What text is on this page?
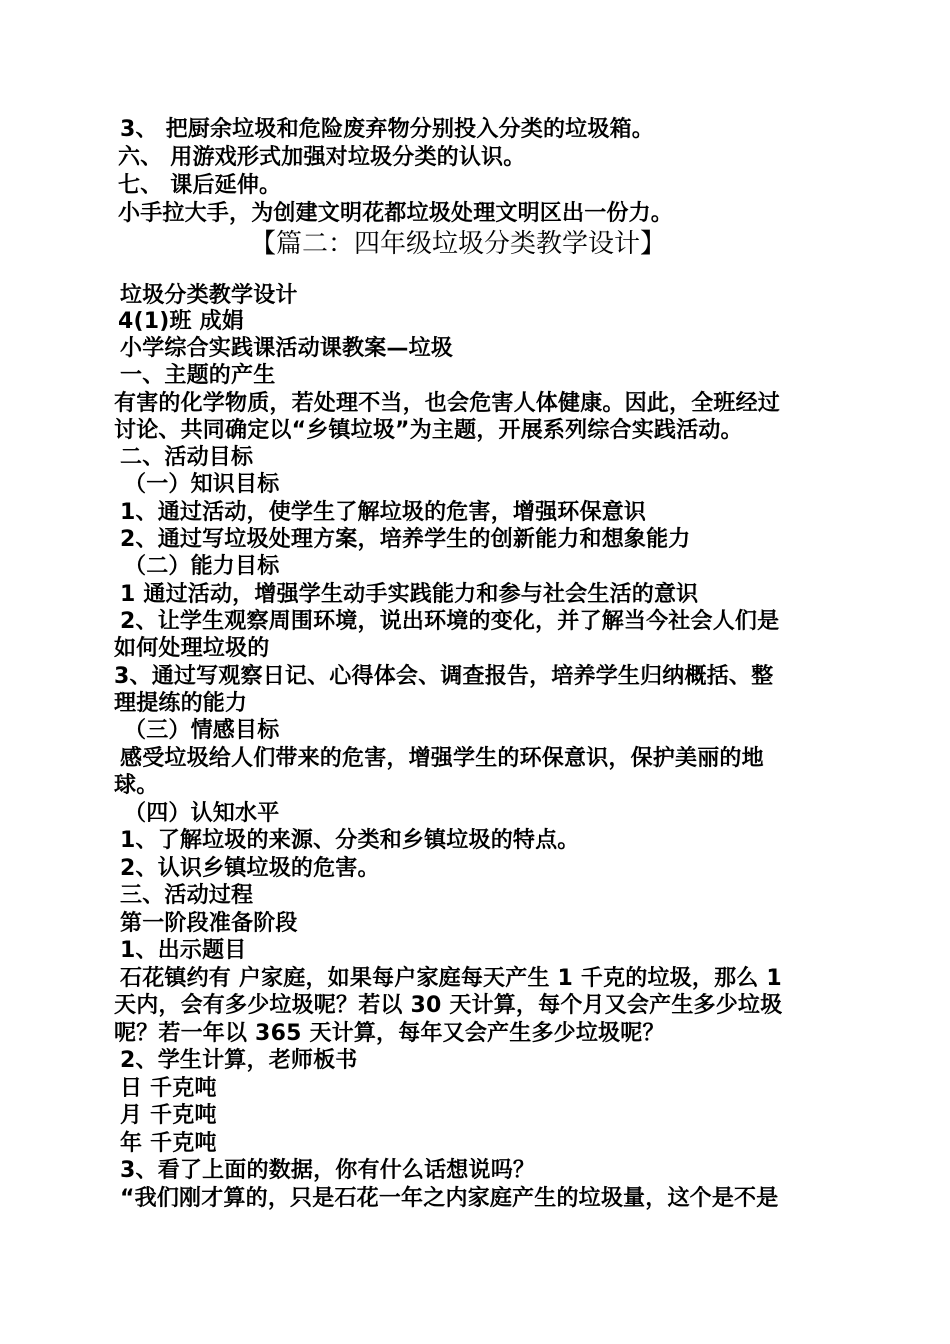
3、 把厨余垃圾和危险废弃物分别投入分类的垃圾箱。
六、 用游戏形式加强对垃圾分类的认识。
七、 课后延伸。
小手拉大手，为创建文明花都垃圾处理文明区出一份力。
【篇二：四年级垃圾分类教学设计】
垃圾分类教学设计
4(1)班 成娟
小学综合实践课活动课教案—垃圾
一、主题的产生
有害的化学物质，若处理不当，也会危害人体健康。因此，全班经过
讨论、共同确定以“乡镇垃圾”为主题，开展系列综合实践活动。
二、活动目标
（一）知识目标
1、通过活动，使学生了解垃圾的危害，增强环保意识
2、通过写垃圾处理方案，培养学生的创新能力和想象能力
（二）能力目标
1 通过活动，增强学生动手实践能力和参与社会生活的意识
2、让学生观察周围环境，说出环境的变化，并了解当今社会人们是
如何处理垃圾的
3、通过写观察日记、心得体会、调查报告，培养学生归纳概括、整
理提练的能力
（三）情感目标
感受垃圾给人们带来的危害，增强学生的环保意识，保护美丽的地
球。
（四）认知水平
1、了解垃圾的来源、分类和乡镇垃圾的特点。
2、认识乡镇垃圾的危害。
三、活动过程
第一阶段准备阶段
1、出示题目
石花镇约有 户家庭，如果每户家庭每天产生 1 千克的垃圾，那么 1
天内，会有多少垃圾呢？若以 30 天计算，每个月又会产生多少垃圾
呢？若一年以 365 天计算，每年又会产生多少垃圾呢？
2、学生计算，老师板书
日 千克吨
月 千克吨
年 千克吨
3、看了上面的数据，你有什么话想说吗？
“我们刚才算的，只是石花一年之内家庭产生的垃圾量，这个是不是
